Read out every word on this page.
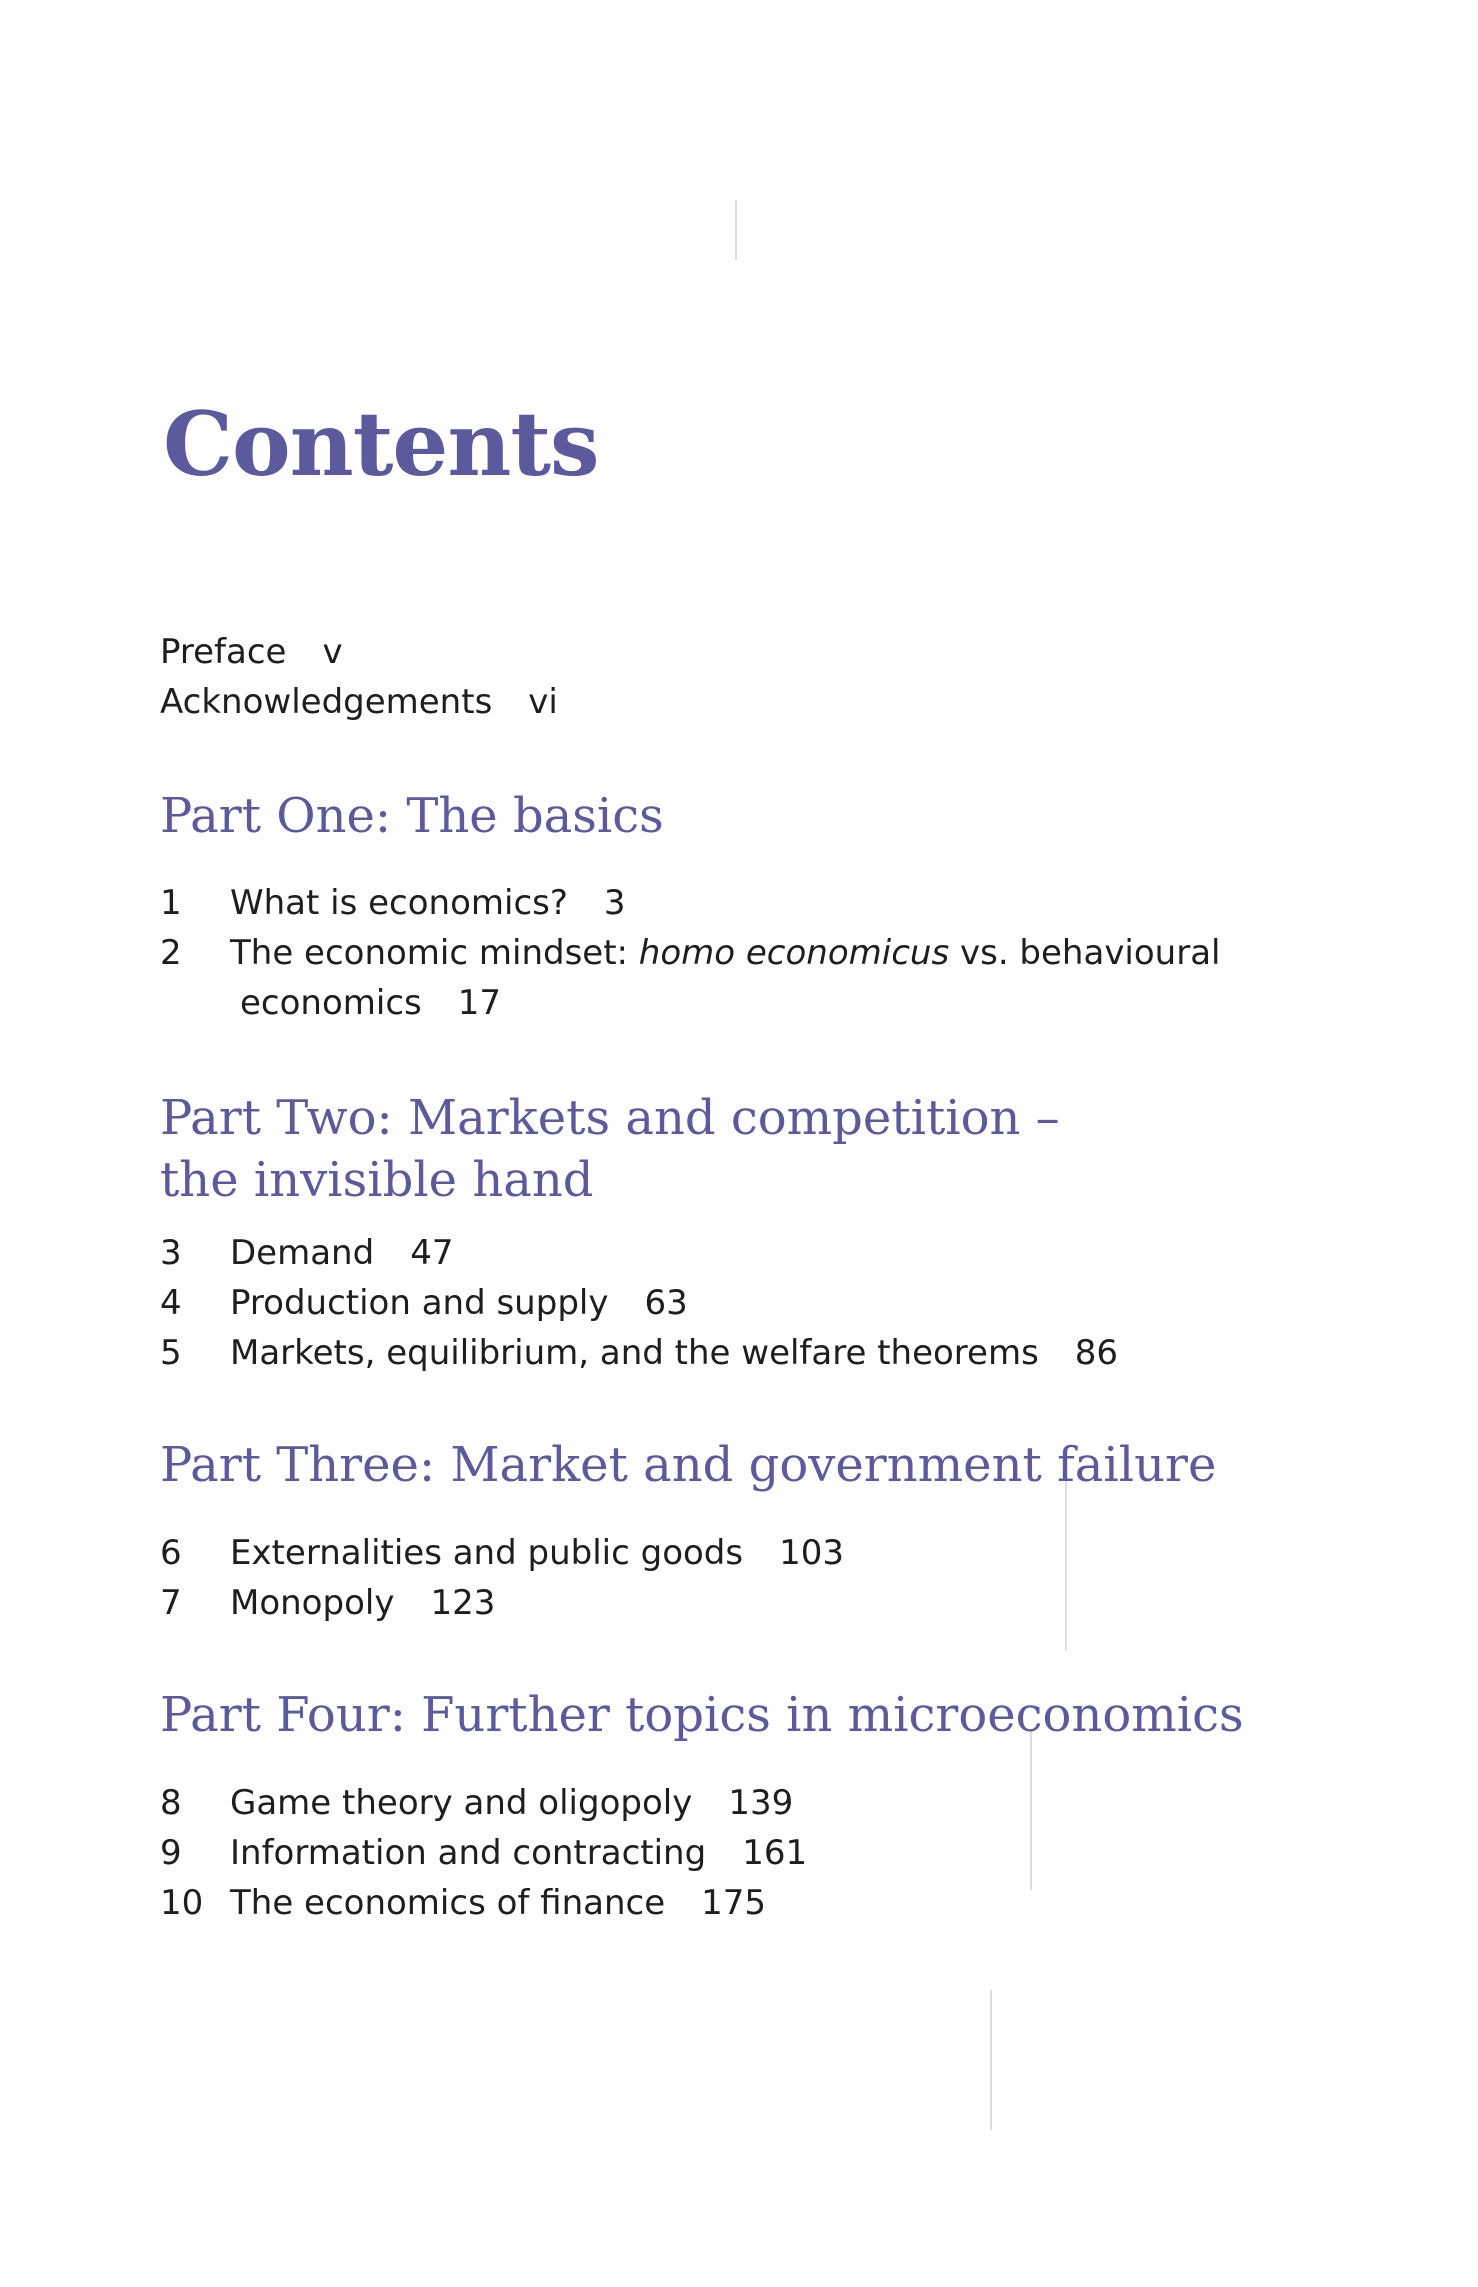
Contents
Preface v
Acknowledgements vi
Part One: The basics
1 What is economics? 3
2 The economic mindset: homo economicus vs. behavioural
economics 17
Part Two: Markets and competition –
the invisible hand
3 Demand 47
4 Production and supply 63
5 Markets, equilibrium, and the welfare theorems 86
Part Three: Market and government failure
6 Externalities and public goods 103
7 Monopoly 123
Part Four: Further topics in microeconomics
8 Game theory and oligopoly 139
9 Information and contracting 161
10 The economics of finance 175
